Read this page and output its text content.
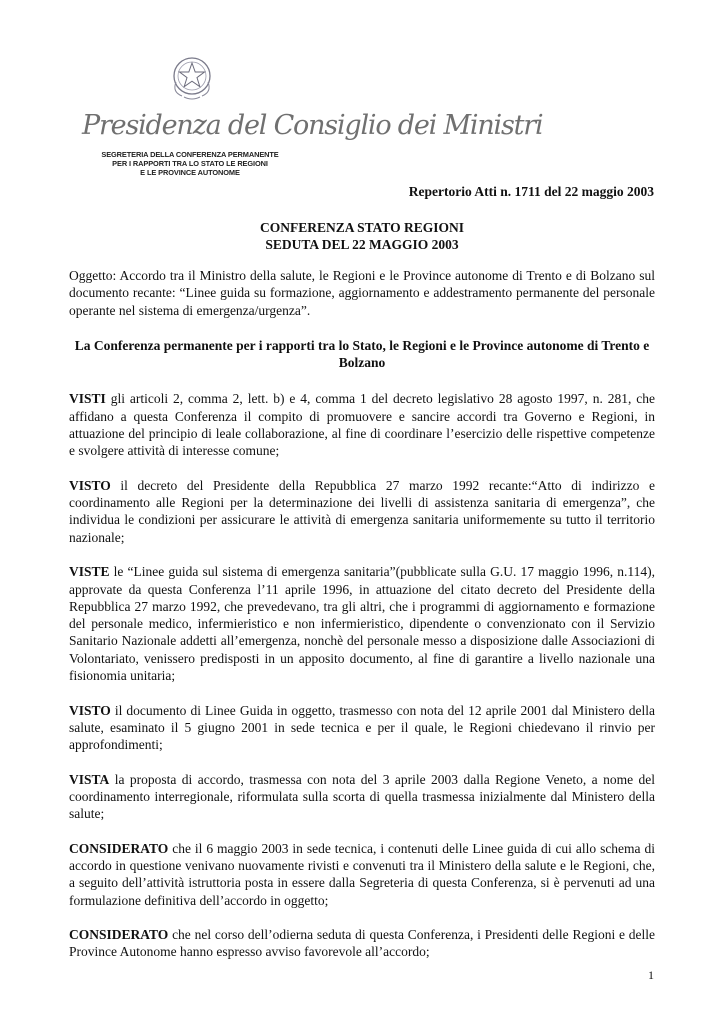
Presidenza del Consiglio dei Ministri
SEGRETERIA DELLA CONFERENZA PERMANENTE
PER I RAPPORTI TRA LO STATO LE REGIONI
E LE PROVINCE AUTONOME
Repertorio Atti n. 1711 del 22 maggio 2003
CONFERENZA STATO REGIONI
SEDUTA DEL 22 MAGGIO 2003

Oggetto: Accordo tra il Ministro della salute, le Regioni e le Province autonome di Trento e di Bolzano sul documento recante: “Linee guida su formazione, aggiornamento e addestramento permanente del personale operante nel sistema di emergenza/urgenza”.

La Conferenza permanente per i rapporti tra lo Stato, le Regioni e le Province autonome di Trento e Bolzano

VISTI gli articoli 2, comma 2, lett. b) e 4, comma 1 del decreto legislativo 28 agosto 1997, n. 281, che affidano a questa Conferenza il compito di promuovere e sancire accordi tra Governo e Regioni, in attuazione del principio di leale collaborazione, al fine di coordinare l’esercizio delle rispettive competenze e svolgere attività di interesse comune;

VISTO il decreto del Presidente della Repubblica 27 marzo 1992 recante:“Atto di indirizzo e coordinamento alle Regioni per la determinazione dei livelli di assistenza sanitaria di emergenza”, che individua le condizioni per assicurare le attività di emergenza sanitaria uniformemente su tutto il territorio nazionale;

VISTE le “Linee guida sul sistema di emergenza sanitaria”(pubblicate sulla G.U. 17 maggio 1996, n.114), approvate da questa Conferenza l’11 aprile 1996, in attuazione del citato decreto del Presidente della Repubblica 27 marzo 1992, che prevedevano, tra gli altri, che i programmi di aggiornamento e formazione del personale medico, infermieristico e non infermieristico, dipendente o convenzionato con il Servizio Sanitario Nazionale addetti all’emergenza, nonchè del personale messo a disposizione dalle Associazioni di Volontariato, venissero predisposti in un apposito documento, al fine di garantire a livello nazionale una fisionomia unitaria;

VISTO il documento di Linee Guida in oggetto, trasmesso con nota del 12 aprile 2001 dal Ministero della salute, esaminato il 5 giugno 2001 in sede tecnica e per il quale, le Regioni chiedevano il rinvio per approfondimenti;

VISTA la proposta di accordo, trasmessa con nota del 3 aprile 2003 dalla Regione Veneto, a nome del coordinamento interregionale, riformulata sulla scorta di quella trasmessa inizialmente dal Ministero della salute;

CONSIDERATO che il 6 maggio 2003 in sede tecnica, i contenuti delle Linee guida di cui allo schema di accordo in questione venivano nuovamente rivisti e convenuti tra il Ministero della salute e le Regioni, che, a seguito dell’attività istruttoria posta in essere dalla Segreteria di questa Conferenza, si è pervenuti ad una formulazione definitiva dell’accordo in oggetto;

CONSIDERATO che nel corso dell’odierna seduta di questa Conferenza, i Presidenti delle Regioni e delle Province Autonome hanno espresso avviso favorevole all’accordo;

1
